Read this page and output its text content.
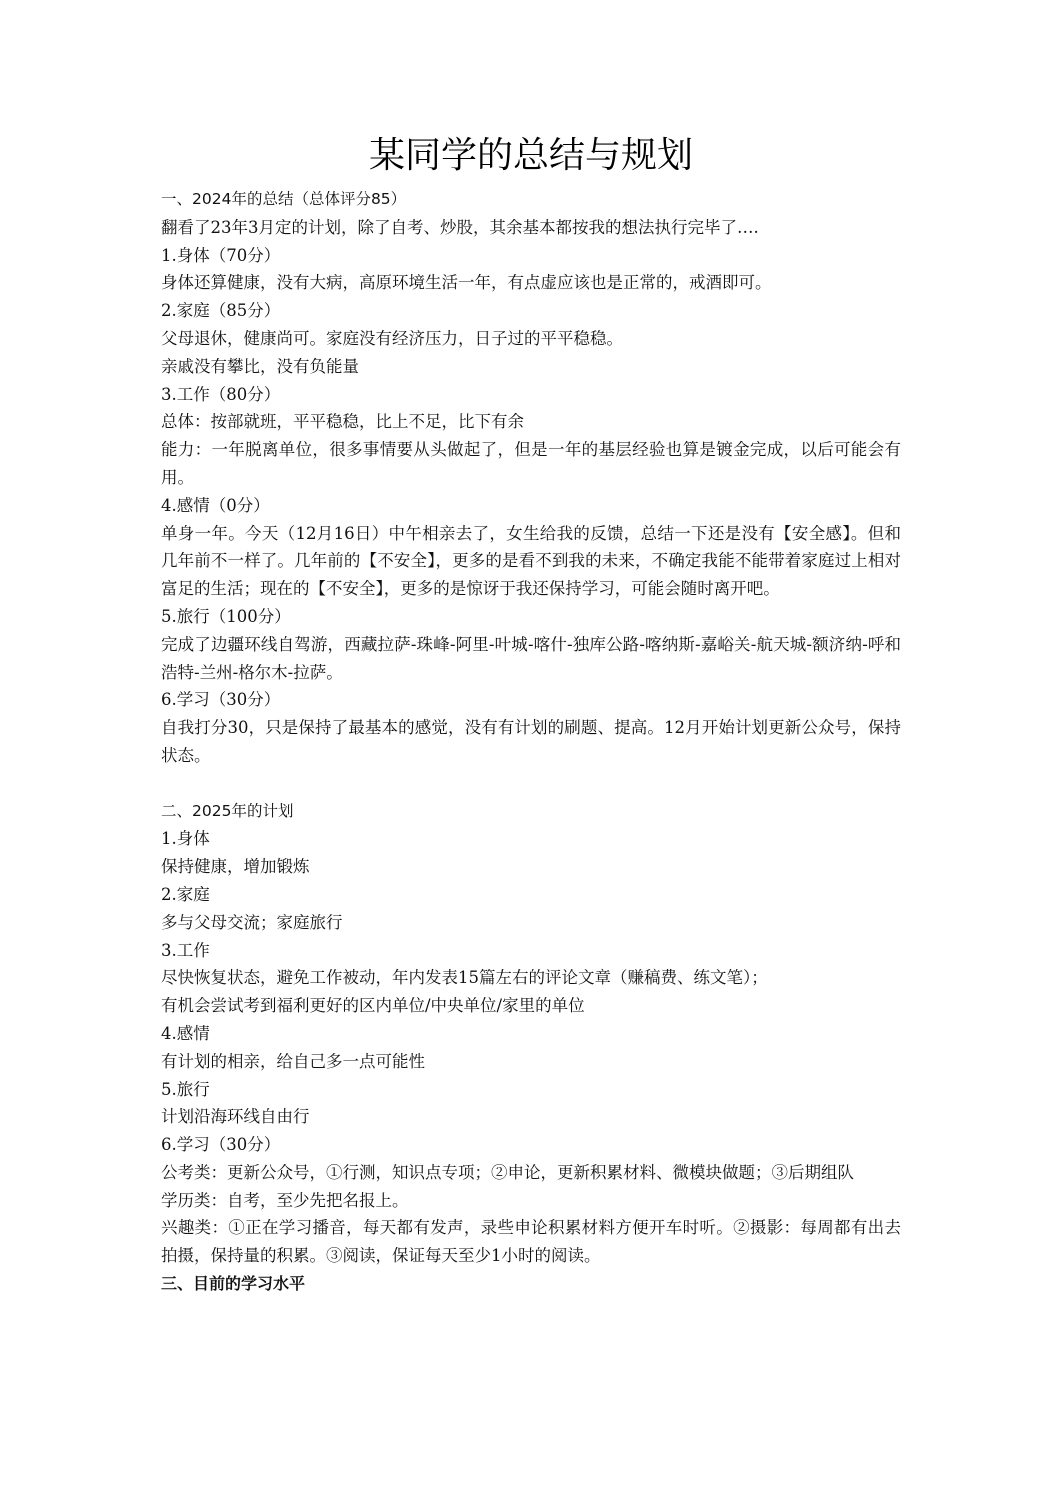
某同学的总结与规划

一、2024年的总结（总体评分85）

翻看了23年3月定的计划，除了自考、炒股，其余基本都按我的想法执行完毕了….

1.身体（70分）

身体还算健康，没有大病，高原环境生活一年，有点虚应该也是正常的，戒酒即可。

2.家庭（85分）

父母退休，健康尚可。家庭没有经济压力，日子过的平平稳稳。

亲戚没有攀比，没有负能量

3.工作（80分）

总体：按部就班，平平稳稳，比上不足，比下有余

能力：一年脱离单位，很多事情要从头做起了，但是一年的基层经验也算是镀金完成，以后可能会有用。

4.感情（0分）

单身一年。今天（12月16日）中午相亲去了，女生给我的反馈，总结一下还是没有【安全感】。但和几年前不一样了。几年前的【不安全】，更多的是看不到我的未来，不确定我能不能带着家庭过上相对富足的生活；现在的【不安全】，更多的是惊讶于我还保持学习，可能会随时离开吧。

5.旅行（100分）

完成了边疆环线自驾游，西藏拉萨-珠峰-阿里-叶城-喀什-独库公路-喀纳斯-嘉峪关-航天城-额济纳-呼和浩特-兰州-格尔木-拉萨。

6.学习（30分）

自我打分30，只是保持了最基本的感觉，没有有计划的刷题、提高。12月开始计划更新公众号，保持状态。

二、2025年的计划

1.身体

保持健康，增加锻炼

2.家庭

多与父母交流；家庭旅行

3.工作

尽快恢复状态，避免工作被动，年内发表15篇左右的评论文章（赚稿费、练文笔）；

有机会尝试考到福利更好的区内单位/中央单位/家里的单位

4.感情

有计划的相亲，给自己多一点可能性

5.旅行

计划沿海环线自由行

6.学习（30分）

公考类：更新公众号，①行测，知识点专项；②申论，更新积累材料、微模块做题；③后期组队

学历类：自考，至少先把名报上。

兴趣类：①正在学习播音，每天都有发声，录些申论积累材料方便开车时听。②摄影：每周都有出去拍摄，保持量的积累。③阅读，保证每天至少1小时的阅读。

三、目前的学习水平
